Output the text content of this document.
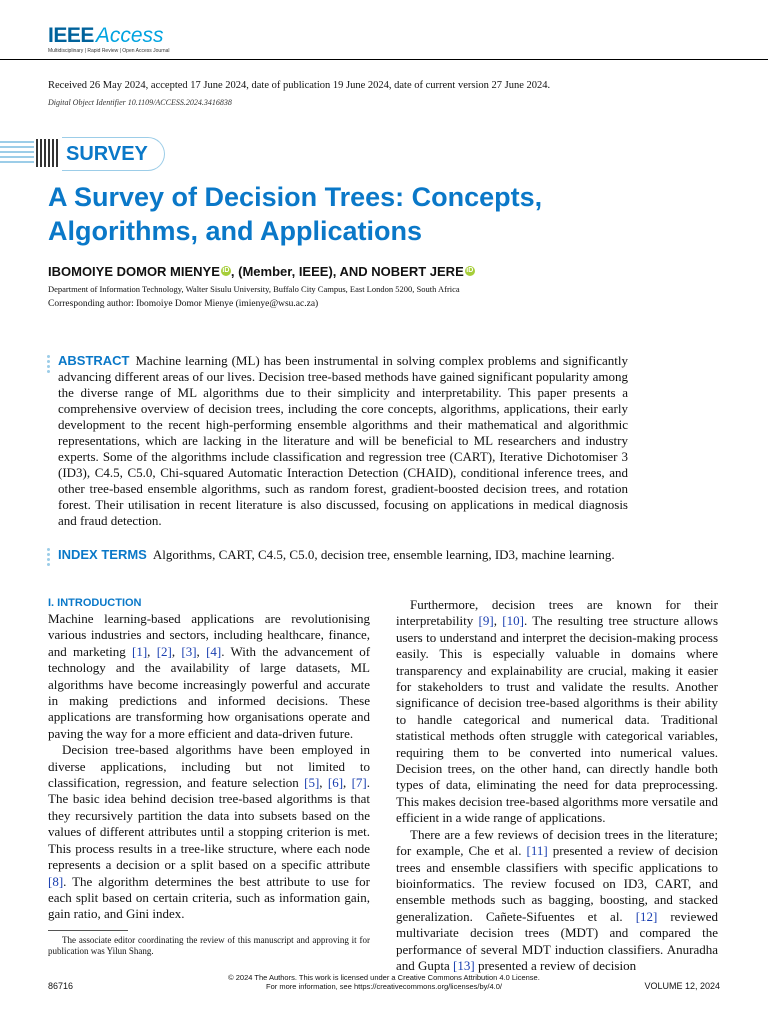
IEEEAccess
Multidisciplinary | Rapid Review | Open Access Journal
Received 26 May 2024, accepted 17 June 2024, date of publication 19 June 2024, date of current version 27 June 2024.
Digital Object Identifier 10.1109/ACCESS.2024.3416838
SURVEY
A Survey of Decision Trees: Concepts,
Algorithms, and Applications
IBOMOIYE DOMOR MIENYE iD , (Member, IEEE), AND NOBERT JERE iD
Department of Information Technology, Walter Sisulu University, Buffalo City Campus, East London 5200, South Africa
Corresponding author: Ibomoiye Domor Mienye (imienye@wsu.ac.za)
ABSTRACT Machine learning (ML) has been instrumental in solving complex problems and significantly advancing different areas of our lives. Decision tree-based methods have gained significant popularity among the diverse range of ML algorithms due to their simplicity and interpretability. This paper presents a comprehensive overview of decision trees, including the core concepts, algorithms, applications, their early development to the recent high-performing ensemble algorithms and their mathematical and algorithmic representations, which are lacking in the literature and will be beneficial to ML researchers and industry experts. Some of the algorithms include classification and regression tree (CART), Iterative Dichotomiser 3 (ID3), C4.5, C5.0, Chi-squared Automatic Interaction Detection (CHAID), conditional inference trees, and other tree-based ensemble algorithms, such as random forest, gradient-boosted decision trees, and rotation forest. Their utilisation in recent literature is also discussed, focusing on applications in medical diagnosis and fraud detection.
INDEX TERMS Algorithms, CART, C4.5, C5.0, decision tree, ensemble learning, ID3, machine learning.
I. INTRODUCTION

Machine learning-based applications are revolutionising various industries and sectors, including healthcare, finance, and marketing [1], [2], [3], [4]. With the advancement of technology and the availability of large datasets, ML algorithms have become increasingly powerful and accurate in making predictions and informed decisions. These applications are transforming how organisations operate and paving the way for a more efficient and data-driven future.

Decision tree-based algorithms have been employed in diverse applications, including but not limited to classification, regression, and feature selection [5], [6], [7]. The basic idea behind decision tree-based algorithms is that they recursively partition the data into subsets based on the values of different attributes until a stopping criterion is met. This process results in a tree-like structure, where each node represents a decision or a split based on a specific attribute [8]. The algorithm determines the best attribute to use for each split based on certain criteria, such as information gain, gain ratio, and Gini index.

Furthermore, decision trees are known for their interpretability [9], [10]. The resulting tree structure allows users to understand and interpret the decision-making process easily. This is especially valuable in domains where transparency and explainability are crucial, making it easier for stakeholders to trust and validate the results. Another significance of decision tree-based algorithms is their ability to handle categorical and numerical data. Traditional statistical methods often struggle with categorical variables, requiring them to be converted into numerical values. Decision trees, on the other hand, can directly handle both types of data, eliminating the need for data preprocessing. This makes decision tree-based algorithms more versatile and efficient in a wide range of applications.

There are a few reviews of decision trees in the literature; for example, Che et al. [11] presented a review of decision trees and ensemble classifiers with specific applications to bioinformatics. The review focused on ID3, CART, and ensemble methods such as bagging, boosting, and stacked generalization. Cañete-Sifuentes et al. [12] reviewed multivariate decision trees (MDT) and compared the performance of several MDT induction classifiers. Anuradha and Gupta [13] presented a review of decision

The associate editor coordinating the review of this manuscript and approving it for publication was Yilun Shang.
86716
© 2024 The Authors. This work is licensed under a Creative Commons Attribution 4.0 License.
For more information, see https://creativecommons.org/licenses/by/4.0/	VOLUME 12, 2024
